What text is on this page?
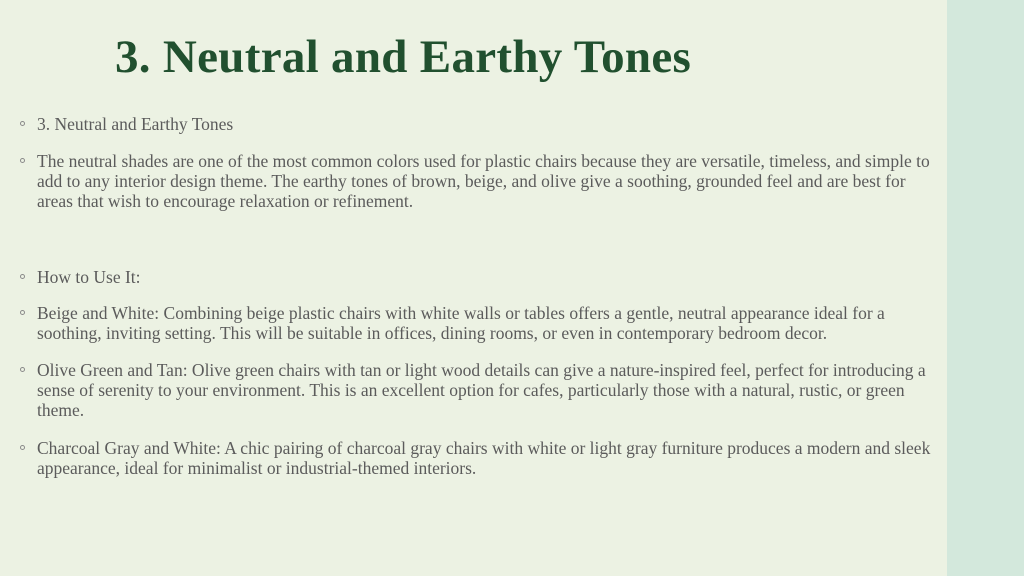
3. Neutral and Earthy Tones
3. Neutral and Earthy Tones
The neutral shades are one of the most common colors used for plastic chairs because they are versatile, timeless, and simple to add to any interior design theme. The earthy tones of brown, beige, and olive give a soothing, grounded feel and are best for areas that wish to encourage relaxation or refinement.
How to Use It:
Beige and White: Combining beige plastic chairs with white walls or tables offers a gentle, neutral appearance ideal for a soothing, inviting setting. This will be suitable in offices, dining rooms, or even in contemporary bedroom decor.
Olive Green and Tan: Olive green chairs with tan or light wood details can give a nature-inspired feel, perfect for introducing a sense of serenity to your environment. This is an excellent option for cafes, particularly those with a natural, rustic, or green theme.
Charcoal Gray and White: A chic pairing of charcoal gray chairs with white or light gray furniture produces a modern and sleek appearance, ideal for minimalist or industrial-themed interiors.
